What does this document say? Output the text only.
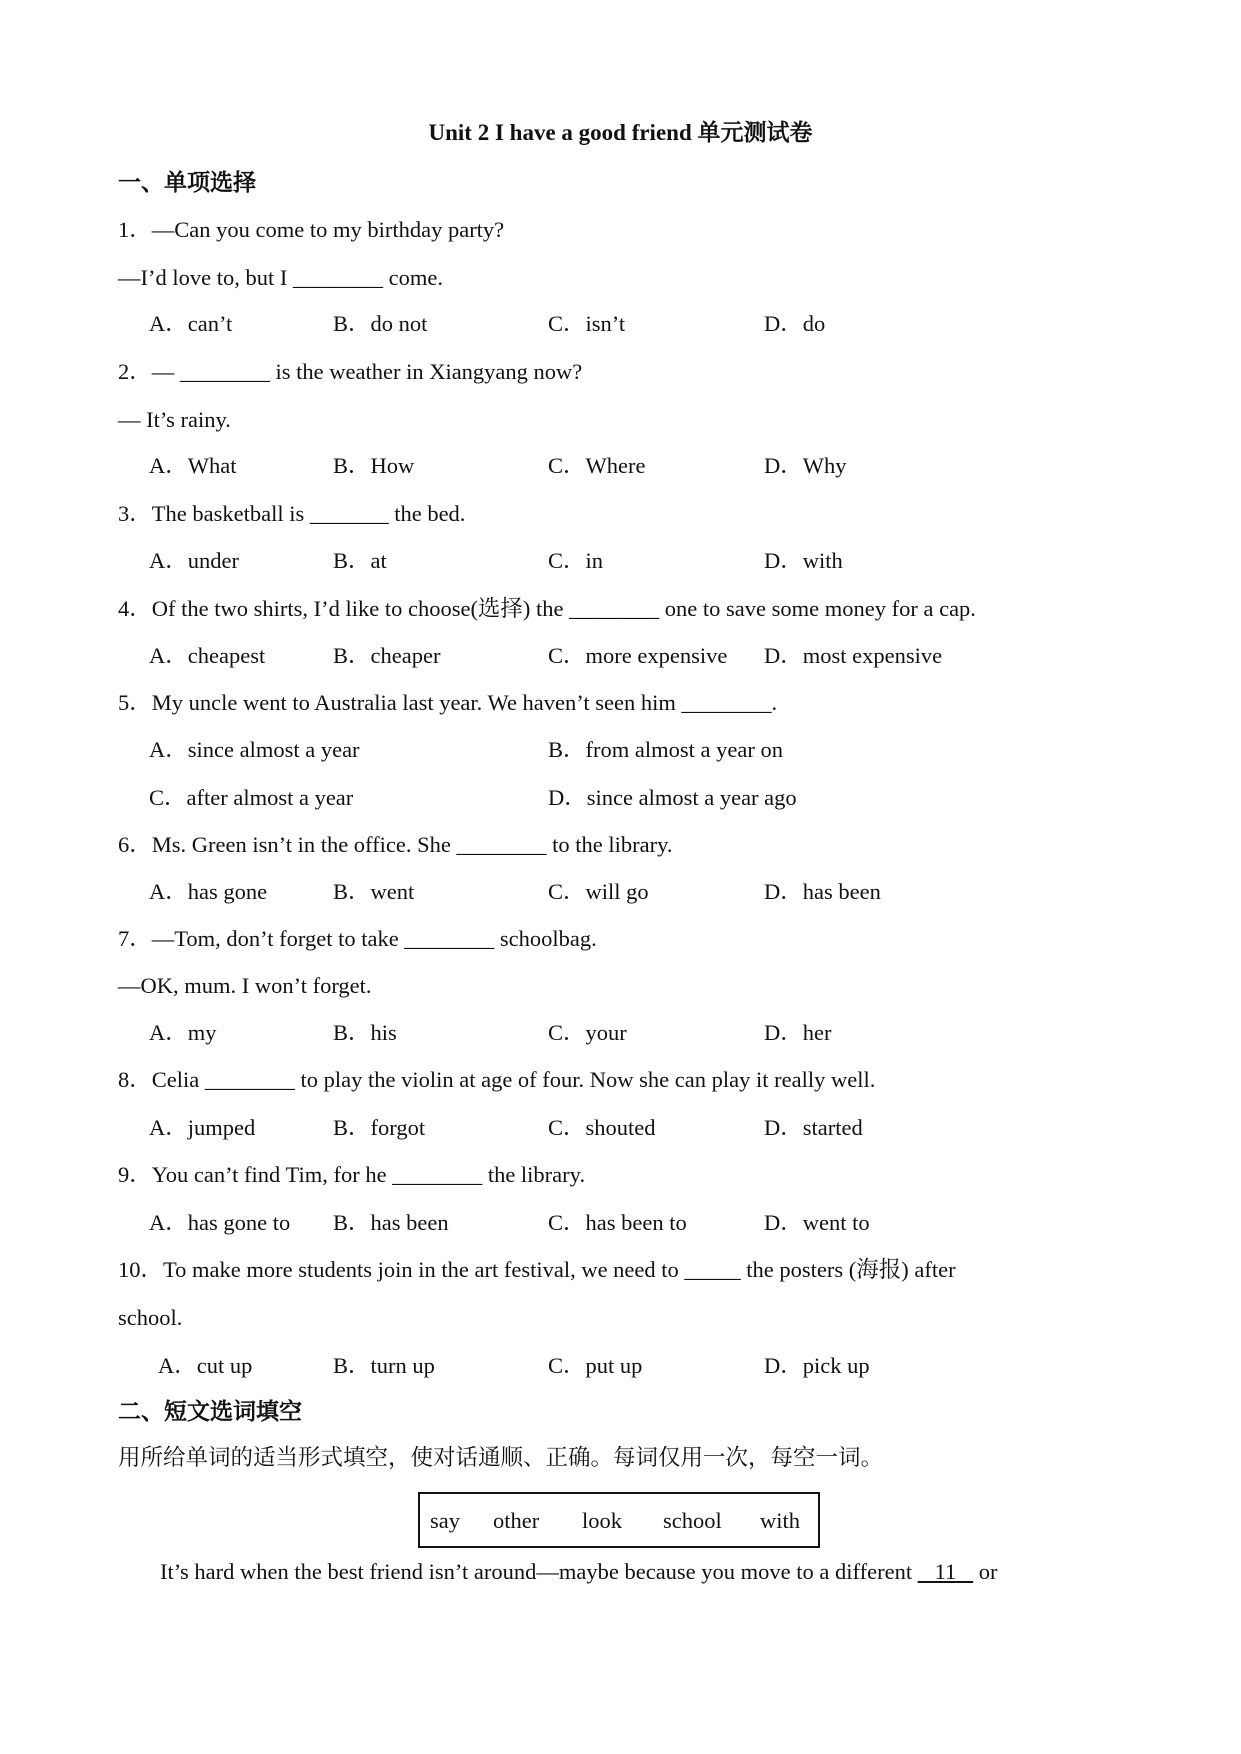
Unit 2 I have a good friend 单元测试卷
一、单项选择
1．—Can you come to my birthday party?
—I’d love to, but I ________ come.
A．can’t	B．do not	C．isn’t	D．do
2．— ________ is the weather in Xiangyang now?
— It’s rainy.
A．What	B．How	C．Where	D．Why
3．The basketball is _______ the bed.
A．under	B．at	C．in	D．with
4．Of the two shirts, I’d like to choose(选择) the ________ one to save some money for a cap.
A．cheapest	B．cheaper	C．more expensive D．most expensive
5．My uncle went to Australia last year. We haven’t seen him ________.
A．since almost a year	B．from almost a year on
C．after almost a year	D．since almost a year ago
6．Ms. Green isn’t in the office. She ________ to the library.
A．has gone	B．went	C．will go	D．has been
7．—Tom, don’t forget to take ________ schoolbag.
—OK, mum. I won’t forget.
A．my	B．his	C．your	D．her
8．Celia ________ to play the violin at age of four. Now she can play it really well.
A．jumped	B．forgot	C．shouted	D．started
9．You can’t find Tim, for he ________ the library.
A．has gone to B．has been	C．has been to	D．went to
10．To make more students join in the art festival, we need to _____ the posters (海报) after
school.
A．cut up	B．turn up	C．put up	D．pick up
二、短文选词填空
用所给单词的适当形式填空，使对话通顺、正确。每词仅用一次，每空一词。
say other look school with
It’s hard when the best friend isn’t around—maybe because you move to a different    11    or
